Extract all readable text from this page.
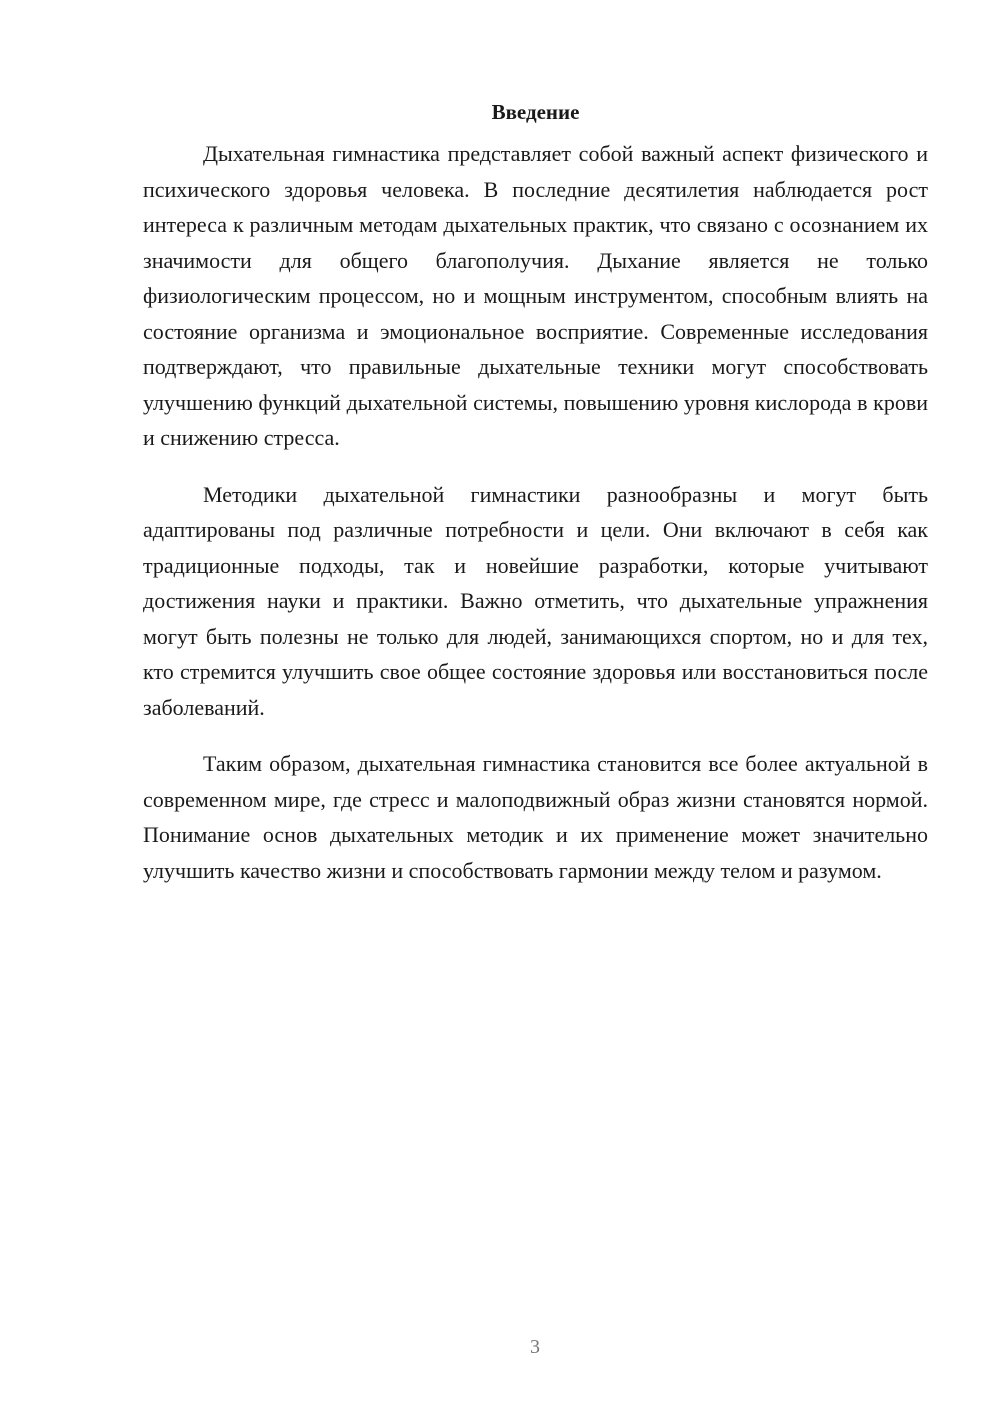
Введение

Дыхательная гимнастика представляет собой важный аспект физического и психического здоровья человека. В последние десятилетия наблюдается рост интереса к различным методам дыхательных практик, что связано с осознанием их значимости для общего благополучия. Дыхание является не только физиологическим процессом, но и мощным инструментом, способным влиять на состояние организма и эмоциональное восприятие. Современные исследования подтверждают, что правильные дыхательные техники могут способствовать улучшению функций дыхательной системы, повышению уровня кислорода в крови и снижению стресса.

Методики дыхательной гимнастики разнообразны и могут быть адаптированы под различные потребности и цели. Они включают в себя как традиционные подходы, так и новейшие разработки, которые учитывают достижения науки и практики. Важно отметить, что дыхательные упражнения могут быть полезны не только для людей, занимающихся спортом, но и для тех, кто стремится улучшить свое общее состояние здоровья или восстановиться после заболеваний.

Таким образом, дыхательная гимнастика становится все более актуальной в современном мире, где стресс и малоподвижный образ жизни становятся нормой. Понимание основ дыхательных методик и их применение может значительно улучшить качество жизни и способствовать гармонии между телом и разумом.

3
